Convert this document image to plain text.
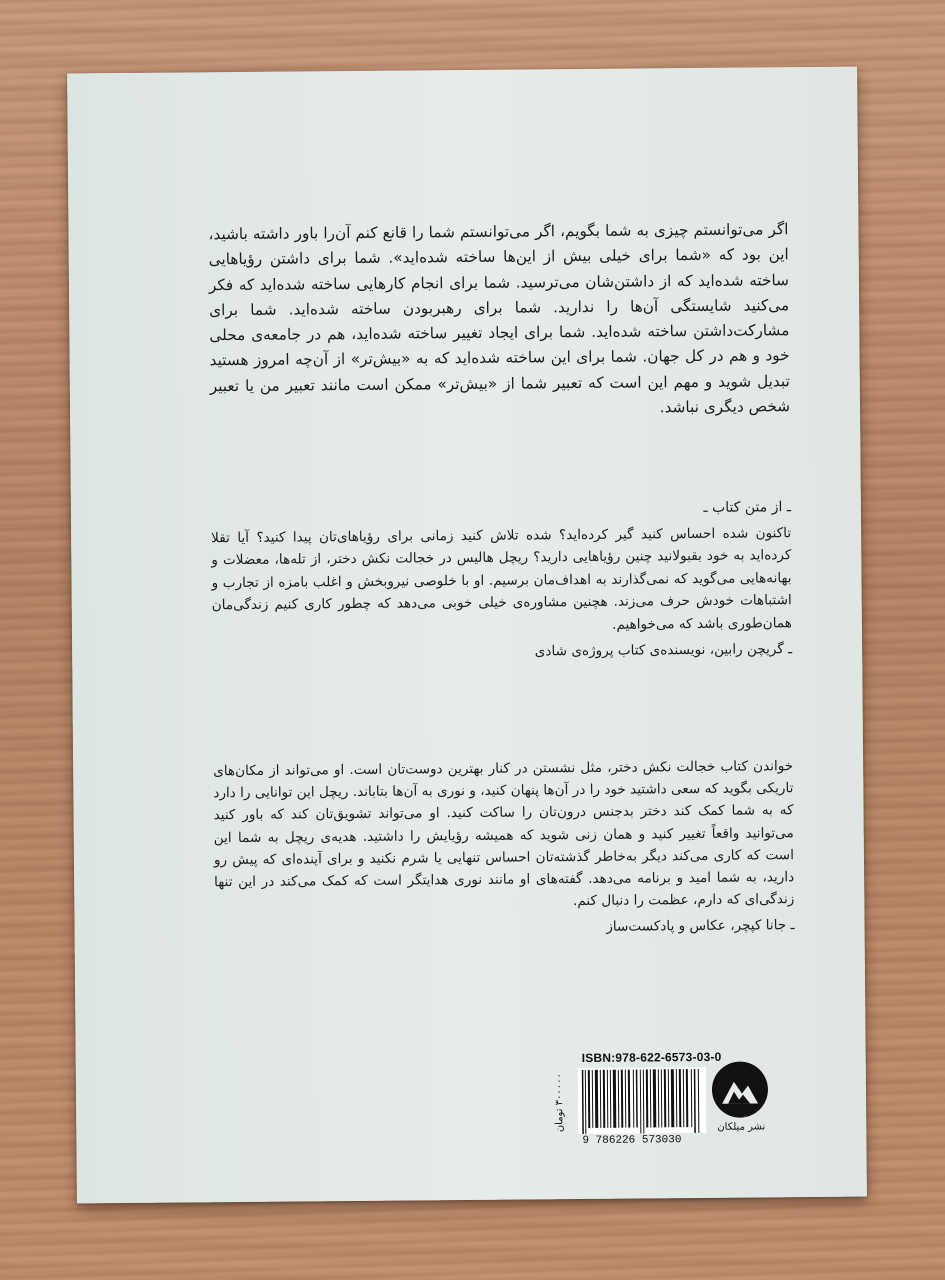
اگر می‌توانستم چیزی به شما بگویم، اگر می‌توانستم شما را قانع کنم آن‌را باور داشته باشید، این بود که «شما برای خیلی بیش از این‌ها ساخته شده‌اید». شما برای داشتن رؤیاهایی ساخته شده‌اید که از داشتن‌شان می‌ترسید. شما برای انجام کارهایی ساخته شده‌اید که فکر می‌کنید شایستگی آن‌ها را ندارید. شما برای رهبربودن ساخته شده‌اید. شما برای مشارکت‌داشتن ساخته شده‌اید. شما برای ایجاد تغییر ساخته شده‌اید، هم در جامعه‌ی محلی خود و هم در کل جهان. شما برای این ساخته شده‌اید که به «بیش‌تر» از آن‌چه امروز هستید تبدیل شوید و مهم این است که تعبیر شما از «بیش‌تر» ممکن است مانند تعبیر من یا تعبیر شخص دیگری نباشد.
ـ از متن کتاب ـ
تاکنون شده احساس کنید گیر کرده‌اید؟ شده تلاش کنید زمانی برای رؤیاهای‌تان پیدا کنید؟ آیا تقلا کرده‌اید به خود بقبولانید چنین رؤیاهایی دارید؟ ریچل هالیس در خجالت نکش دختر، از تله‌ها، معضلات و بهانه‌هایی می‌گوید که نمی‌گذارند به اهداف‌مان برسیم. او با خلوصی نیروبخش و اغلب بامزه از تجارب و اشتباهات خودش حرف می‌زند. هچنین مشاوره‌ی خیلی خوبی می‌دهد که چطور کاری کنیم زندگی‌مان همان‌طوری باشد که می‌خواهیم.
ـ گریچن رابین، نویسنده‌ی کتاب پروژه‌ی شادی
خواندن کتاب خجالت نکش دختر، مثل نشستن در کنار بهترین دوست‌تان است. او می‌تواند از مکان‌های تاریکی بگوید که سعی داشتید خود را در آن‌ها پنهان کنید، و نوری به آن‌ها بتاباند. ریچل این توانایی را دارد که به شما کمک کند دختر بدجنس درون‌تان را ساکت کنید. او می‌تواند تشویق‌تان کند که باور کنید می‌توانید واقعاً تغییر کنید و همان زنی شوید که همیشه رؤیایش را داشتید. هدیه‌ی ریچل به شما این است که کاری می‌کند دیگر به‌خاطر گذشته‌تان احساس تنهایی یا شرم نکنید و برای آینده‌ای که پیش رو دارید، به شما امید و برنامه می‌دهد. گفته‌های او مانند نوری هدایتگر است که کمک می‌کند در این تنها زندگی‌ای که دارم، عظمت را دنبال کنم.
ـ جانا کپچر، عکاس و پادکست‌ساز
۳۰۰۰۰۰ تومان
ISBN:978-622-6573-03-0
9 786226 573030
نشر میلکان
